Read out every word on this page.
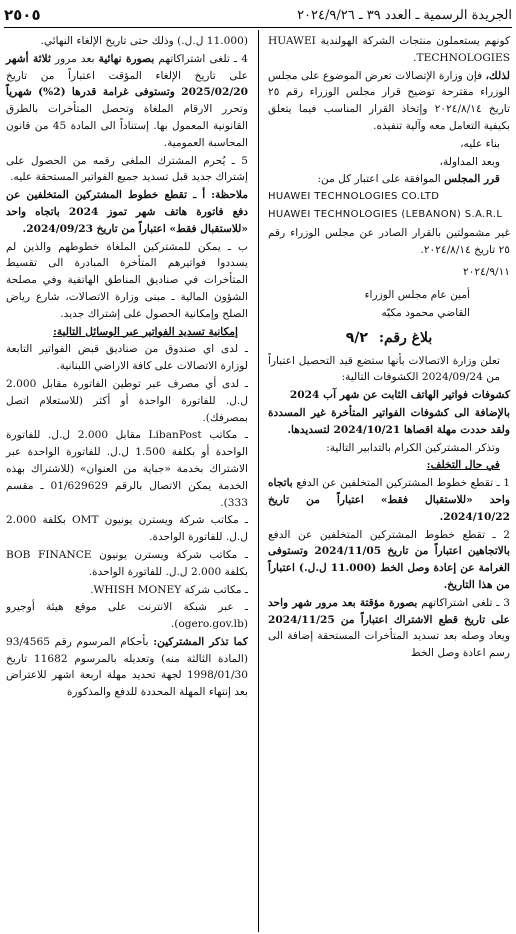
الجريدة الرسمية ـ العدد ٣٩ ـ ٢٠٢٤/٩/٢٦
٢٥٠٥

كونهم يستعملون منتجات الشركة الهولندية HUAWEI TECHNOLOGIES.

لذلك، فإن وزارة الإتصالات تعرض الموضوع على مجلس الوزراء مقترحة توضيح قرار مجلس الوزراء رقم ٢٥ تاريخ ٢٠٢٤/٨/١٤ وإتخاذ القرار المناسب فيما يتعلق بكيفية التعامل معه وآلية تنفيذه.

بناء عليه،

وبعد المداولة،

قرر المجلس الموافقة على اعتبار كل من:

HUAWEI TECHNOLOGIES CO.LTD

HUAWEI TECHNOLOGIES (LEBANON) S.A.R.L

غير مشمولتين بالقرار الصادر عن مجلس الوزراء رقم ٢٥ تاريخ ٢٠٢٤/٨/١٤.

٢٠٢٤/٩/١١

أمين عام مجلس الوزراء

القاضي محمود مكيّه

بلاغ رقم: ٩/٢

تعلن وزارة الاتصالات بأنها ستضع قيد التحصيل اعتباراً من 2024/09/24 الكشوفات التالية:

كشوفات فواتير الهاتف الثابت عن شهر آب 2024

بالإضافة الى كشوفات الفواتير المتأخرة غير المسددة ولقد حددت مهلة اقصاها 2024/10/21 لتسديدها.

وتذكر المشتركين الكرام بالتدابير التالية:

في حال التخلف:

1 ـ تقطع خطوط المشتركين المتخلفين عن الدفع باتجاه واحد «للاستقبال فقط» اعتباراً من تاريخ 2024/10/22.

2 ـ تقطع خطوط المشتركين المتخلفين عن الدفع بالاتجاهين اعتباراً من تاريخ 2024/11/05 وتستوفى الغرامة عن إعادة وصل الخط (11.000 ل.ل.) اعتباراً من هذا التاريخ.

3 ـ تلغى اشتراكاتهم بصورة مؤقتة بعد مرور شهر واحد على تاريخ قطع الاشتراك اعتباراً من 2024/11/25 ويعاد وصله بعد تسديد المتأخرات المستحقة إضافة الى رسم اعادة وصل الخط

(11.000 ل.ل.) وذلك حتى تاريخ الإلغاء النهائي.

4 ـ تلغى اشتراكاتهم بصورة نهائية بعد مرور ثلاثة أشهر على تاريخ الإلغاء المؤقت اعتباراً من تاريخ 2025/02/20 وتستوفى غرامة قدرها (2%) شهرياً وتحرر الارقام الملغاة وتحصل المتأخرات بالطرق القانونية المعمول بها. إستناداً الى المادة 45 من قانون المحاسبة العمومية.

5 ـ يُحرم المشترك الملغى رقمه من الحصول على إشتراك جديد قبل تسديد جميع الفواتير المستحقة عليه.

ملاحظة: أ ـ تقطع خطوط المشتركين المتخلفين عن دفع فاتورة هاتف شهر تموز 2024 باتجاه واحد «للاستقبال فقط» اعتباراً من تاريخ 2024/09/23.

ب ـ يمكن للمشتركين الملغاة خطوطهم والذين لم يسددوا فواتيرهم المتأخرة المبادرة الى تقسيط المتأخرات في صناديق المناطق الهاتفية وفي مصلحة الشؤون المالية ـ مبنى وزارة الاتصالات، شارع رياض الصلح وإمكانية الحصول على إشتراك جديد.

إمكانية تسديد الفواتير عبر الوسائل التالية:

ـ لدى اي صندوق من صناديق قبض الفواتير التابعة لوزارة الاتصالات على كافة الاراضي اللبنانية.

ـ لدى أي مصرف عبر توطين الفاتورة مقابل 2.000 ل.ل. للفاتورة الواحدة أو أكثر (للاستعلام اتصل بمصرفك).

ـ مكاتب LibanPost مقابل 2.000 ل.ل. للفاتورة الواحدة أو بكلفة 1.500 ل.ل. للفاتورة الواحدة عبر الاشتراك بخدمة «جباية من العنوان» (للاشتراك بهذه الخدمة يمكن الاتصال بالرقم 01/629629 ـ مقسم 333).

ـ مكاتب شركة ويسترن يونيون OMT بكلفة 2.000 ل.ل. للفاتورة الواحدة.

ـ مكاتب شركة ويسترن يونيون BOB FINANCE بكلفة 2.000 ل.ل. للفاتورة الواحدة.

ـ مكاتب شركة WHISH MONEY.

ـ عبر شبكة الانترنت على موقع هيئة أوجيرو (ogero.gov.lb).

كما تذكر المشتركين: بأحكام المرسوم رقم 93/4565 (المادة الثالثة منه) وتعديله بالمرسوم 11682 تاريخ 1998/01/30 لجهة تحديد مهلة اربعة اشهر للاعتراض بعد إنتهاء المهلة المحددة للدفع والمذكورة
